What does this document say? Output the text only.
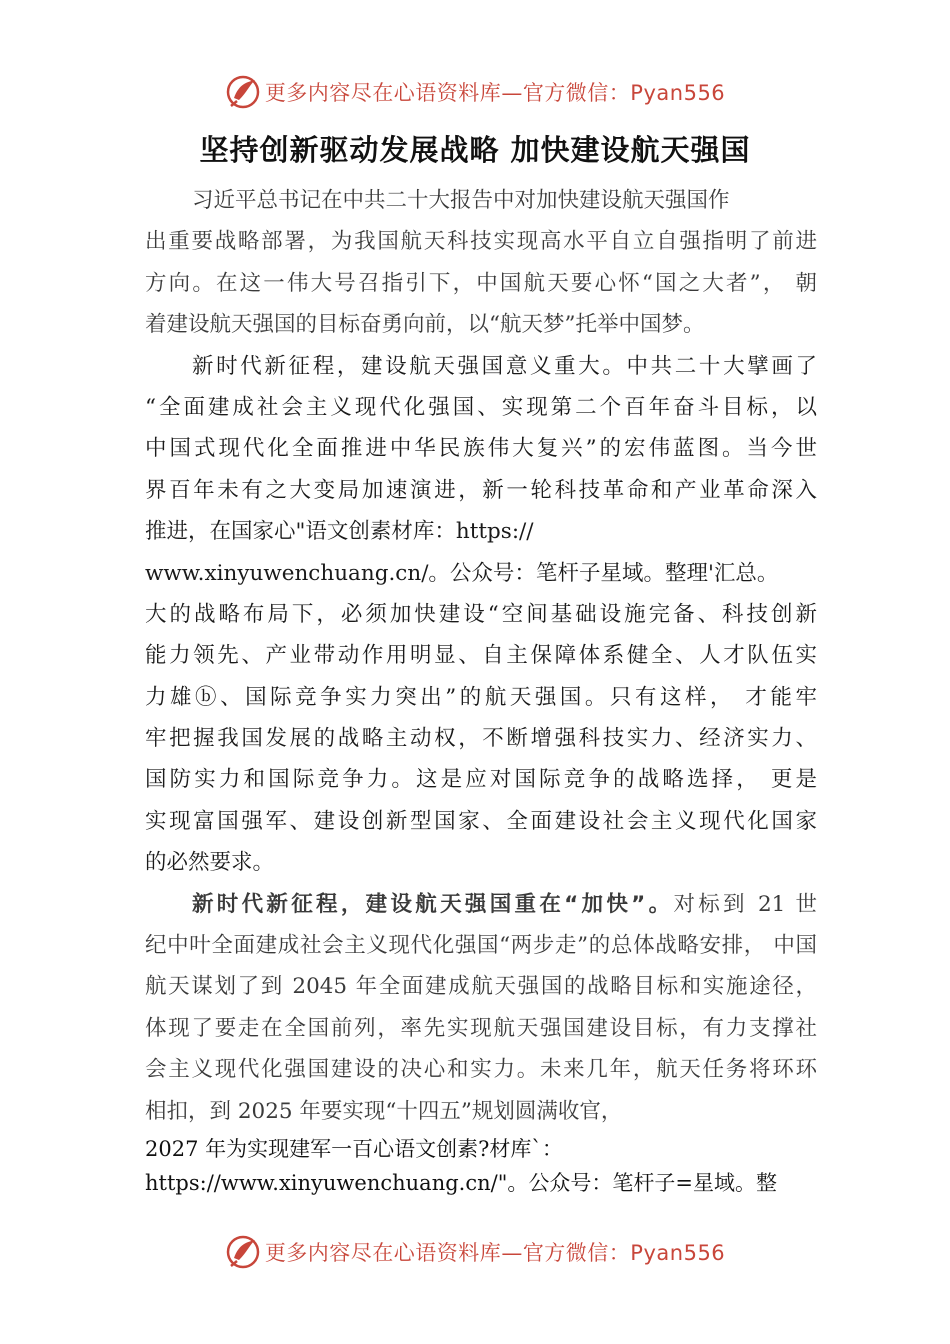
更多内容尽在心语资料库—官方微信：Pyan556
坚持创新驱动发展战略 加快建设航天强国
习近平总书记在中共二十大报告中对加快建设航天强国作
出重要战略部署，为我国航天科技实现高水平自立自强指明了前进
方向。在这一伟大号召指引下，中国航天要心怀“国之大者”， 朝
着建设航天强国的目标奋勇向前，以“航天梦”托举中国梦。
新时代新征程，建设航天强国意义重大。中共二十大擘画了
“全面建成社会主义现代化强国、实现第二个百年奋斗目标，以
中国式现代化全面推进中华民族伟大复兴”的宏伟蓝图。当今世
界百年未有之大变局加速演进，新一轮科技革命和产业革命深入
推进，在国家心"语文创素材库：https://
www.xinyuwenchuang.cn/。公众号：笔杆子星域。整理'汇总。
大的战略布局下，必须加快建设“空间基础设施完备、科技创新
能力领先、产业带动作用明显、自主保障体系健全、人才队伍实
力雄ⓑ、国际竞争实力突出”的航天强国。只有这样， 才能牢
牢把握我国发展的战略主动权，不断增强科技实力、经济实力、
国防实力和国际竞争力。这是应对国际竞争的战略选择， 更是
实现富国强军、建设创新型国家、全面建设社会主义现代化国家
的必然要求。
新时代新征程，建设航天强国重在“加快”。对标到 21 世
纪中叶全面建成社会主义现代化强国“两步走”的总体战略安排， 中国
航天谋划了到 2045 年全面建成航天强国的战略目标和实施途径，
体现了要走在全国前列，率先实现航天强国建设目标，有力支撑社
会主义现代化强国建设的决心和实力。未来几年，航天任务将环环
相扣，到 2025 年要实现“十四五”规划圆满收官，
2027 年为实现建军一百心语文创素?材库`：
https://www.xinyuwenchuang.cn/"。公众号：笔杆子=星域。整
更多内容尽在心语资料库—官方微信：Pyan556
